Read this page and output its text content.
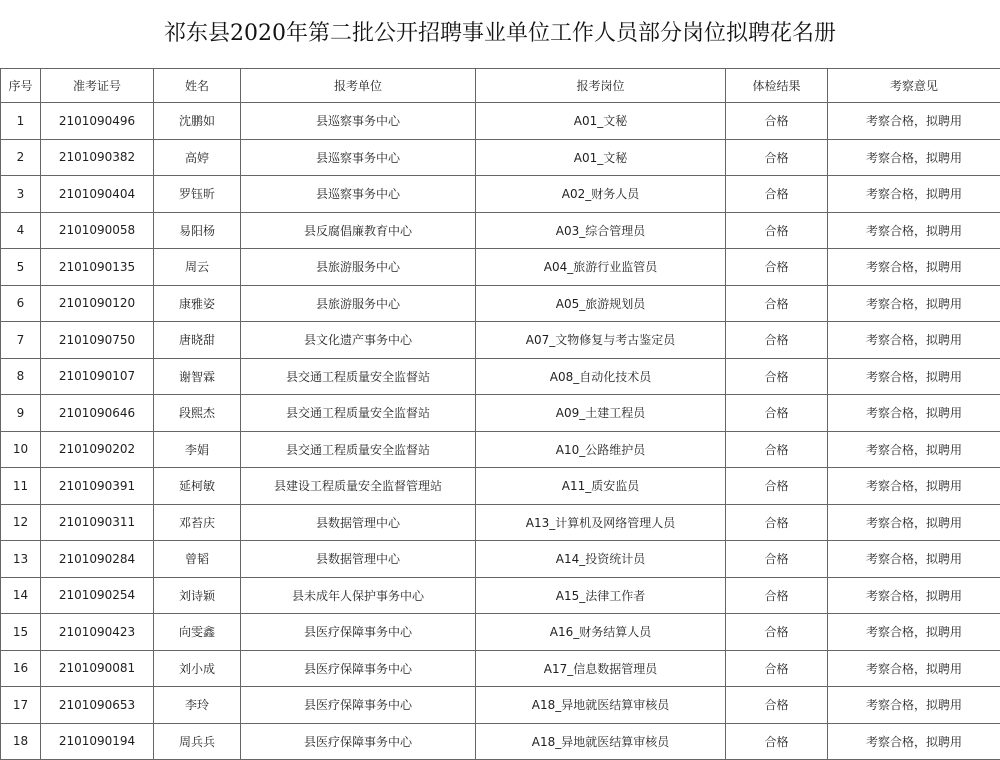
祁东县2020年第二批公开招聘事业单位工作人员部分岗位拟聘花名册
序号	准考证号	姓名	报考单位	报考岗位	体检结果	考察意见
1	2101090496	沈鹏如	县巡察事务中心	A01_文秘	合格	考察合格，拟聘用
2	2101090382	高婷	县巡察事务中心	A01_文秘	合格	考察合格，拟聘用
3	2101090404	罗钰昕	县巡察事务中心	A02_财务人员	合格	考察合格，拟聘用
4	2101090058	易阳杨	县反腐倡廉教育中心	A03_综合管理员	合格	考察合格，拟聘用
5	2101090135	周云	县旅游服务中心	A04_旅游行业监管员	合格	考察合格，拟聘用
6	2101090120	康雅姿	县旅游服务中心	A05_旅游规划员	合格	考察合格，拟聘用
7	2101090750	唐晓甜	县文化遗产事务中心	A07_文物修复与考古鉴定员	合格	考察合格，拟聘用
8	2101090107	谢智霖	县交通工程质量安全监督站	A08_自动化技术员	合格	考察合格，拟聘用
9	2101090646	段熙杰	县交通工程质量安全监督站	A09_土建工程员	合格	考察合格，拟聘用
10	2101090202	李娟	县交通工程质量安全监督站	A10_公路维护员	合格	考察合格，拟聘用
11	2101090391	延柯敏	县建设工程质量安全监督管理站	A11_质安监员	合格	考察合格，拟聘用
12	2101090311	邓苔庆	县数据管理中心	A13_计算机及网络管理人员	合格	考察合格，拟聘用
13	2101090284	曾韬	县数据管理中心	A14_投资统计员	合格	考察合格，拟聘用
14	2101090254	刘诗颖	县未成年人保护事务中心	A15_法律工作者	合格	考察合格，拟聘用
15	2101090423	向雯鑫	县医疗保障事务中心	A16_财务结算人员	合格	考察合格，拟聘用
16	2101090081	刘小成	县医疗保障事务中心	A17_信息数据管理员	合格	考察合格，拟聘用
17	2101090653	李玲	县医疗保障事务中心	A18_异地就医结算审核员	合格	考察合格，拟聘用
18	2101090194	周兵兵	县医疗保障事务中心	A18_异地就医结算审核员	合格	考察合格，拟聘用
